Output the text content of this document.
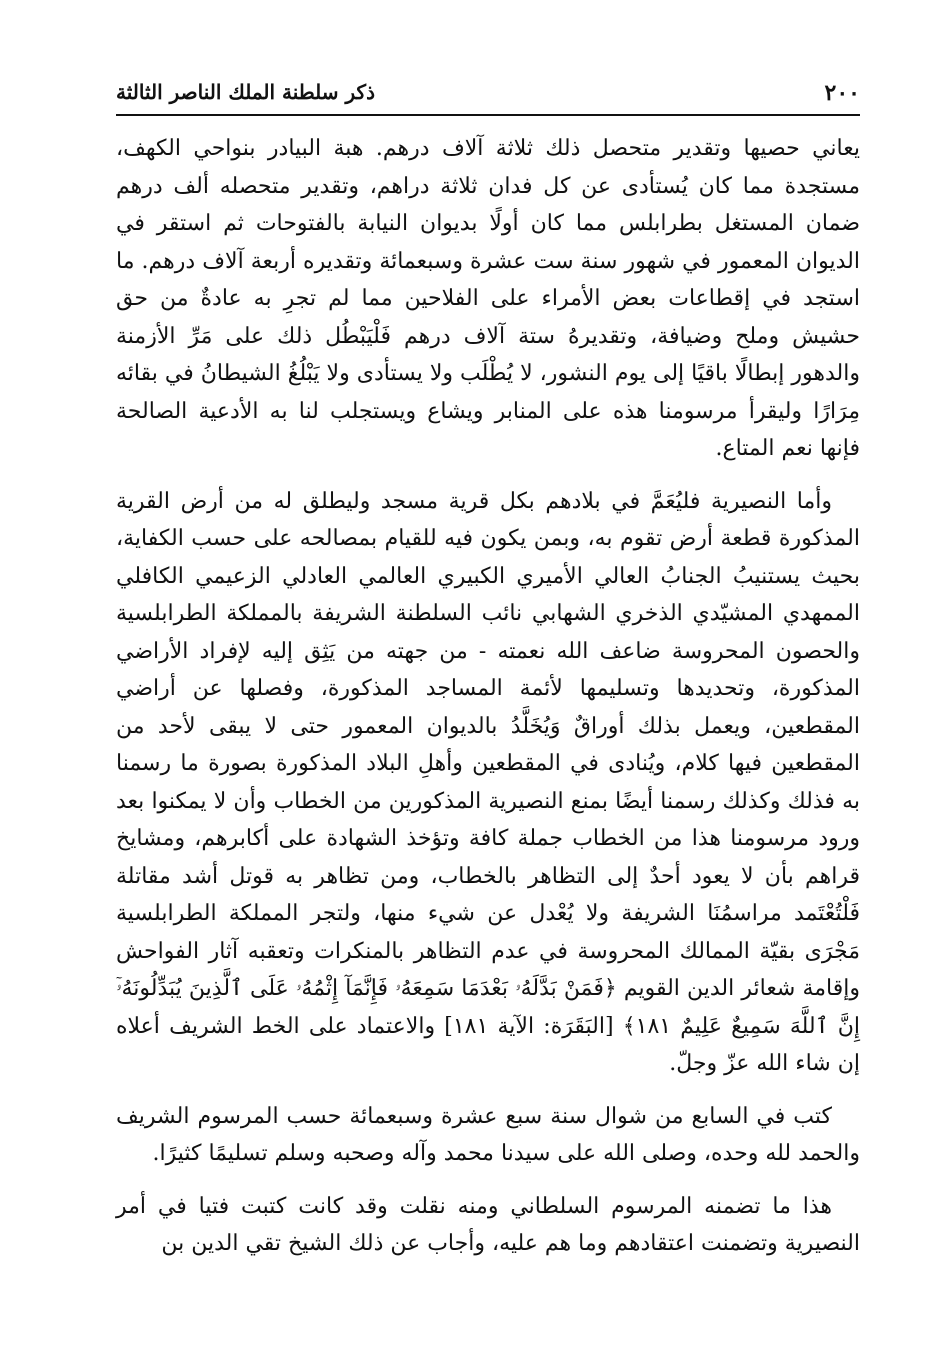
٢٠٠
ذكر سلطنة الملك الناصر الثالثة

يعاني حصيها وتقدير متحصل ذلك ثلاثة آلاف درهم. هبة البيادر بنواحي الكهف، مستجدة مما كان يُستأدى عن كل فدان ثلاثة دراهم، وتقدير متحصله ألف درهم ضمان المستغل بطرابلس مما كان أولًا بديوان النيابة بالفتوحات ثم استقر في الديوان المعمور في شهور سنة ست عشرة وسبعمائة وتقديره أربعة آلاف درهم. ما استجد في إقطاعات بعض الأمراء على الفلاحين مما لم تجرِ به عادةٌ من حق حشيش وملح وضيافة، وتقديرهُ ستة آلاف درهم فَلْيَبْطُل ذلك على مَرِّ الأزمنة والدهور إبطالًا باقيًا إلى يوم النشور، لا يُطْلَب ولا يستأدى ولا يَبْلُغُ الشيطانُ في بقائه مِرَارًا وليقرأ مرسومنا هذه على المنابر ويشاع ويستجلب لنا به الأدعية الصالحة فإنها نعم المتاع.

وأما النصيرية فليُعَمَّ في بلادهم بكل قرية مسجد وليطلق له من أرض القرية المذكورة قطعة أرض تقوم به، وبمن يكون فيه للقيام بمصالحه على حسب الكفاية، بحيث يستنيبُ الجنابُ العالي الأميري الكبيري العالمي العادلي الزعيمي الكافلي الممهدي المشيّدي الذخري الشهابي نائب السلطنة الشريفة بالمملكة الطرابلسية والحصون المحروسة ضاعف الله نعمته - من جهته من يَثِق إليه لإفراد الأراضي المذكورة، وتحديدها وتسليمها لأئمة المساجد المذكورة، وفصلها عن أراضي المقطعين، ويعمل بذلك أوراقٌ وَيُخَلَّدُ بالديوان المعمور حتى لا يبقى لأحد من المقطعين فيها كلام، ويُنادى في المقطعين وأهلِ البلاد المذكورة بصورة ما رسمنا به فذلك وكذلك رسمنا أيضًا بمنع النصيرية المذكورين من الخطاب وأن لا يمكنوا بعد ورود مرسومنا هذا من الخطاب جملة كافة وتؤخذ الشهادة على أكابرهم، ومشايخ قراهم بأن لا يعود أحدٌ إلى التظاهر بالخطاب، ومن تظاهر به قوتل أشد مقاتلة فَلْتُعْتَمد مراسمُنَا الشريفة ولا يُعْدل عن شيء منها، ولتجر المملكة الطرابلسية مَجْرَى بقيّة الممالك المحروسة في عدم التظاهر بالمنكرات وتعقبه آثار الفواحش وإقامة شعائر الدين القويم ﴿فَمَنْ بَدَّلَهُۥ بَعْدَمَا سَمِعَهُۥ فَإِنَّمَآ إِثْمُهُۥ عَلَى ٱلَّذِينَ يُبَدِّلُونَهُۥٓ إِنَّ ٱللَّهَ سَمِيعٌ عَلِيمٌ ١٨١﴾ [البَقَرَة: الآية ١٨١] والاعتماد على الخط الشريف أعلاه إن شاء الله عزّ وجلّ.

كتب في السابع من شوال سنة سبع عشرة وسبعمائة حسب المرسوم الشريف والحمد لله وحده، وصلى الله على سيدنا محمد وآله وصحبه وسلم تسليمًا كثيرًا.

هذا ما تضمنه المرسوم السلطاني ومنه نقلت وقد كانت كتبت فتيا في أمر النصيرية وتضمنت اعتقادهم وما هم عليه، وأجاب عن ذلك الشيخ تقي الدين بن
